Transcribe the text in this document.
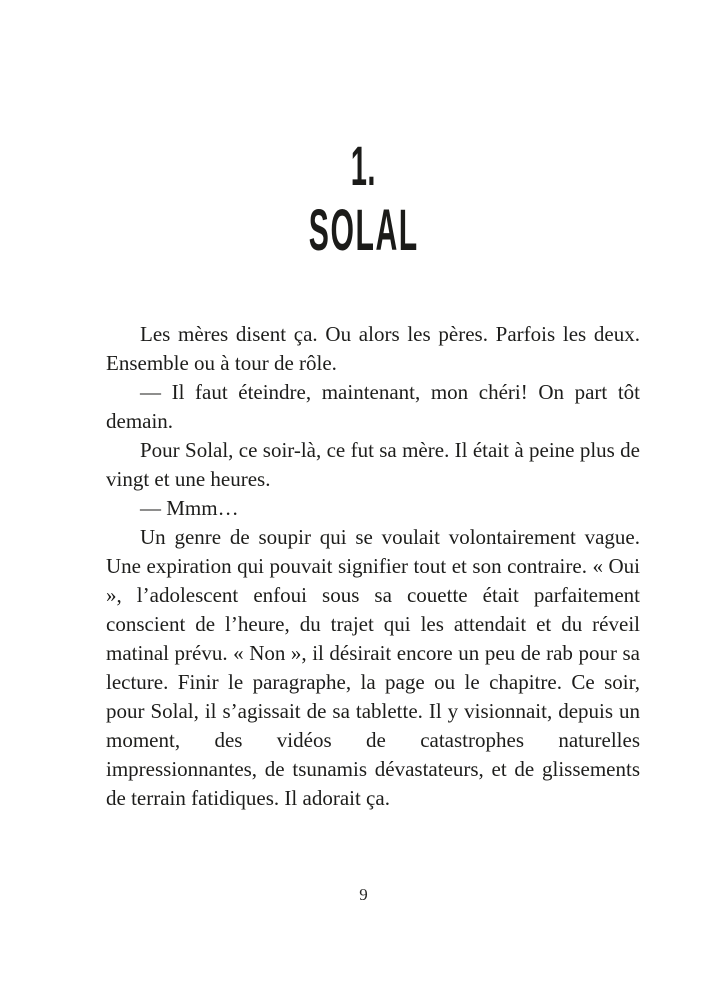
1.
SOLAL

Les mères disent ça. Ou alors les pères. Parfois les deux. Ensemble ou à tour de rôle.

— Il faut éteindre, maintenant, mon chéri! On part tôt demain.

Pour Solal, ce soir-là, ce fut sa mère. Il était à peine plus de vingt et une heures.

— Mmm…

Un genre de soupir qui se voulait volontairement vague. Une expiration qui pouvait signifier tout et son contraire. « Oui », l’adolescent enfoui sous sa couette était parfaitement conscient de l’heure, du trajet qui les attendait et du réveil matinal prévu. « Non », il désirait encore un peu de rab pour sa lecture. Finir le paragraphe, la page ou le chapitre. Ce soir, pour Solal, il s’agissait de sa tablette. Il y visionnait, depuis un moment, des vidéos de catastrophes naturelles impressionnantes, de tsunamis dévastateurs, et de glissements de terrain fatidiques. Il adorait ça.

9
